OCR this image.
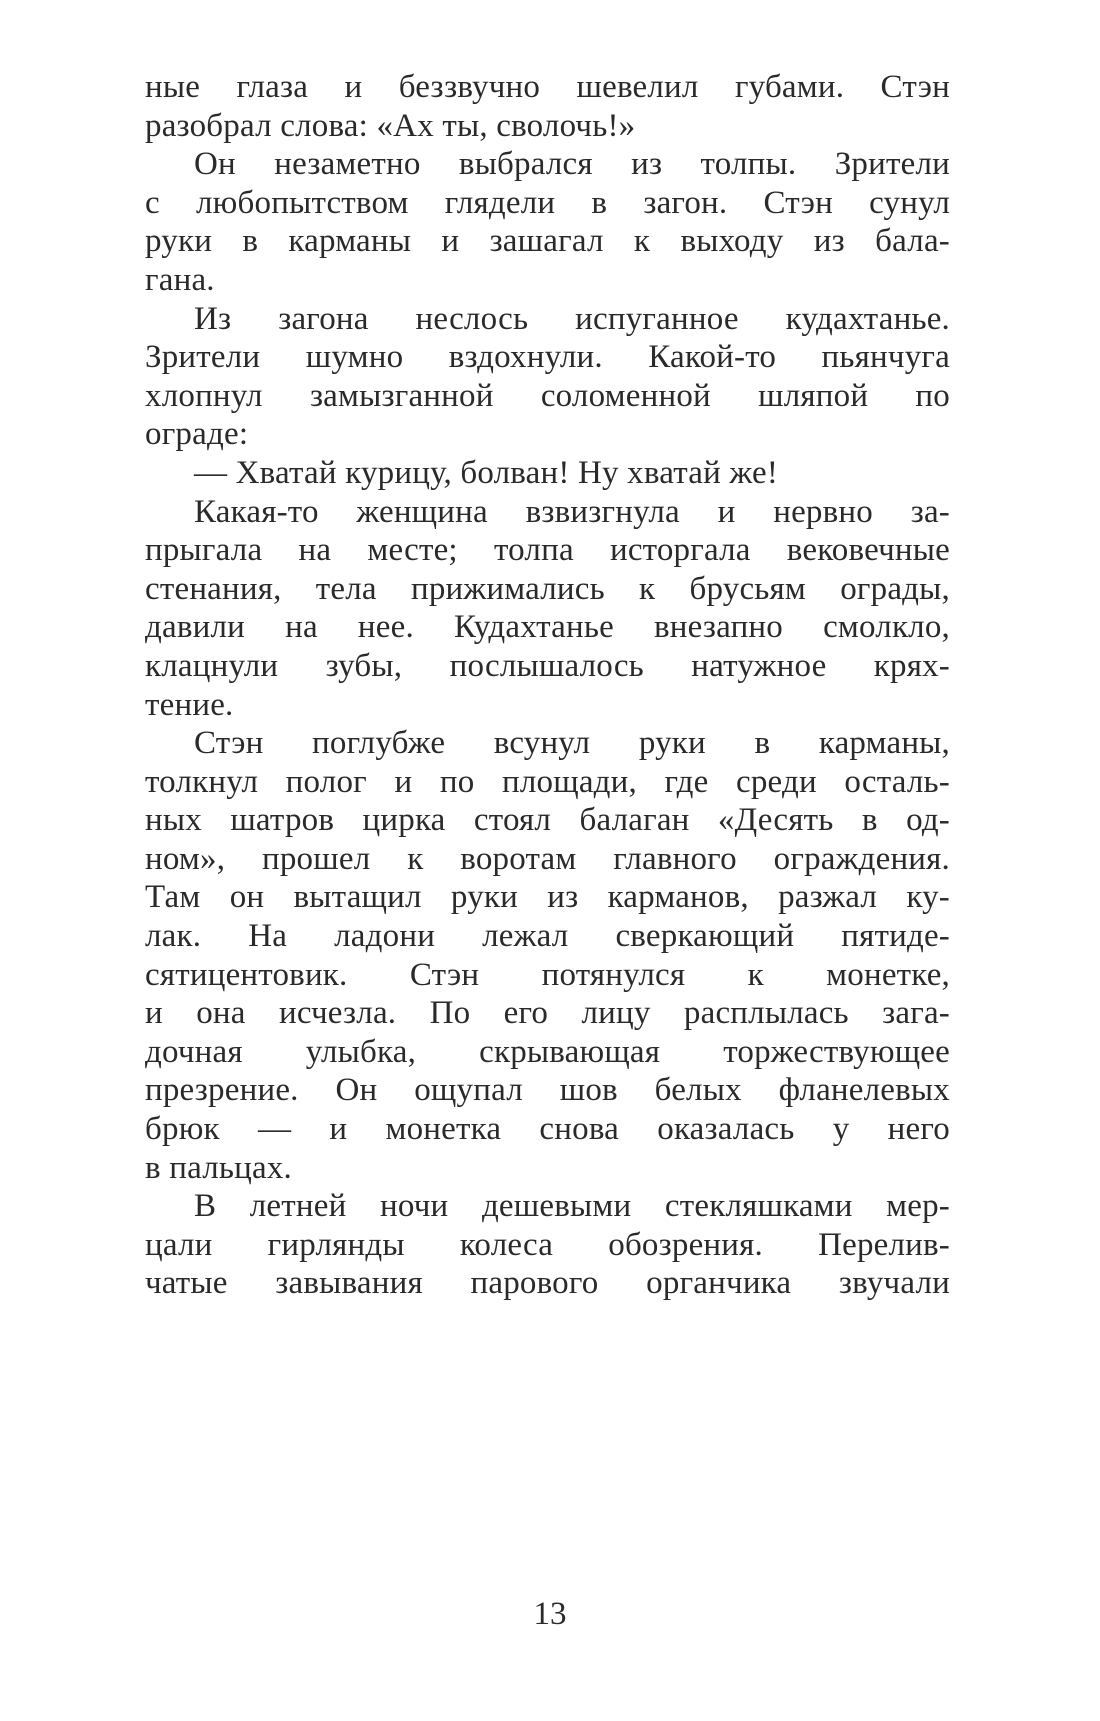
ные глаза и беззвучно шевелил губами. Стэн
разобрал слова: «Ах ты, сволочь!»
Он незаметно выбрался из толпы. Зрители
с любопытством глядели в загон. Стэн сунул
руки в карманы и зашагал к выходу из бала-
гана.
Из загона неслось испуганное кудахтанье.
Зрители шумно вздохнули. Какой-то пьянчуга
хлопнул замызганной соломенной шляпой по
ограде:
— Хватай курицу, болван! Ну хватай же!
Какая-то женщина взвизгнула и нервно за-
прыгала на месте; толпа исторгала вековечные
стенания, тела прижимались к брусьям ограды,
давили на нее. Кудахтанье внезапно смолкло,
клацнули зубы, послышалось натужное крях-
тение.
Стэн поглубже всунул руки в карманы,
толкнул полог и по площади, где среди осталь-
ных шатров цирка стоял балаган «Десять в од-
ном», прошел к воротам главного ограждения.
Там он вытащил руки из карманов, разжал ку-
лак. На ладони лежал сверкающий пятиде-
сятицентовик. Стэн потянулся к монетке,
и она исчезла. По его лицу расплылась зага-
дочная улыбка, скрывающая торжествующее
презрение. Он ощупал шов белых фланелевых
брюк — и монетка снова оказалась у него
в пальцах.
В летней ночи дешевыми стекляшками мер-
цали гирлянды колеса обозрения. Перелив-
чатые завывания парового органчика звучали
13
